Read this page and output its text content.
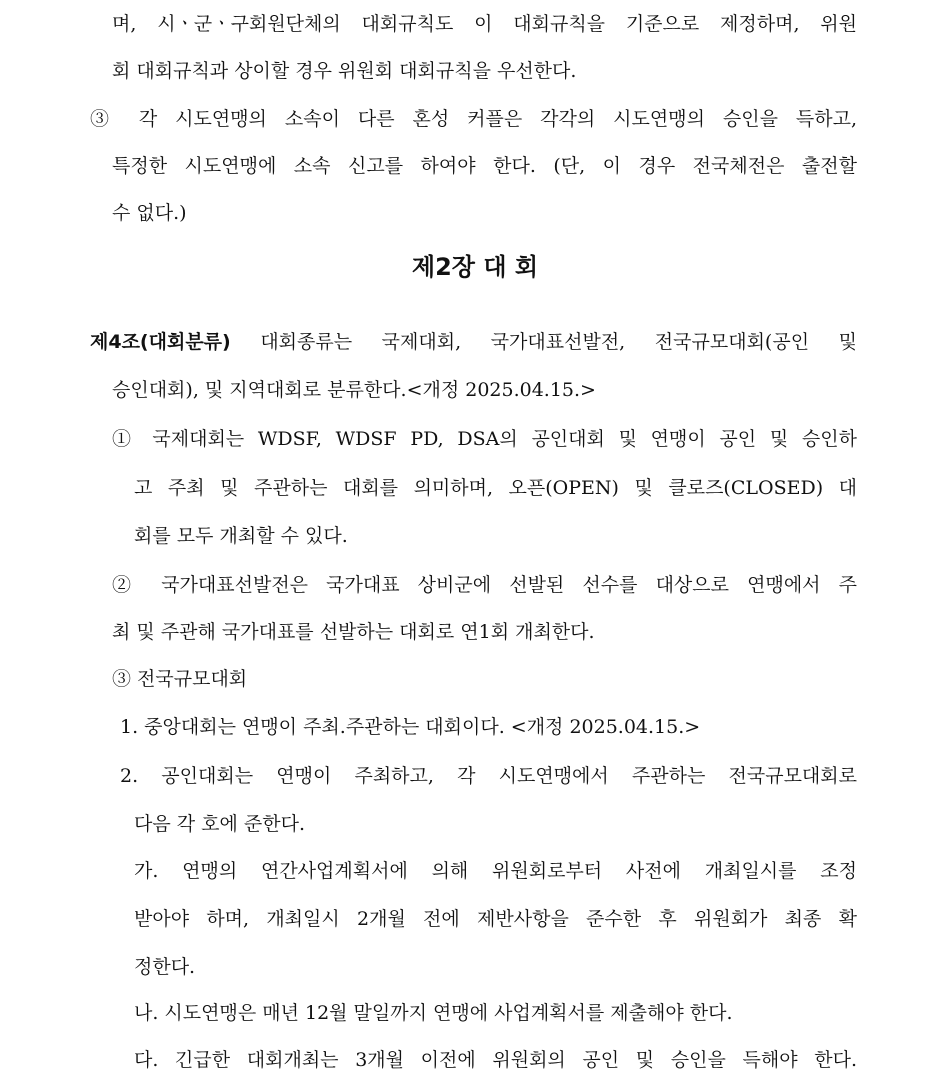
며, 시ㆍ군ㆍ구회원단체의 대회규칙도 이 대회규칙을 기준으로 제정하며, 위원
회 대회규칙과 상이할 경우 위원회 대회규칙을 우선한다.
③ 각 시도연맹의 소속이 다른 혼성 커플은 각각의 시도연맹의 승인을 득하고,
특정한 시도연맹에 소속 신고를 하여야 한다. (단, 이 경우 전국체전은 출전할
수 없다.)
제2장 대 회
제4조(대회분류) 대회종류는 국제대회, 국가대표선발전, 전국규모대회(공인 및
승인대회), 및 지역대회로 분류한다.<개정 2025.04.15.>
① 국제대회는 WDSF, WDSF PD, DSA의 공인대회 및 연맹이 공인 및 승인하
고 주최 및 주관하는 대회를 의미하며, 오픈(OPEN) 및 클로즈(CLOSED) 대
회를 모두 개최할 수 있다.
② 국가대표선발전은 국가대표 상비군에 선발된 선수를 대상으로 연맹에서 주
최 및 주관해 국가대표를 선발하는 대회로 연1회 개최한다.
③ 전국규모대회
1. 중앙대회는 연맹이 주최.주관하는 대회이다. <개정 2025.04.15.>
2. 공인대회는 연맹이 주최하고, 각 시도연맹에서 주관하는 전국규모대회로
다음 각 호에 준한다.
가. 연맹의 연간사업계획서에 의해 위원회로부터 사전에 개최일시를 조정
받아야 하며, 개최일시 2개월 전에 제반사항을 준수한 후 위원회가 최종 확
정한다.
나. 시도연맹은 매년 12월 말일까지 연맹에 사업계획서를 제출해야 한다.
다. 긴급한 대회개최는 3개월 이전에 위원회의 공인 및 승인을 득해야 한다.
